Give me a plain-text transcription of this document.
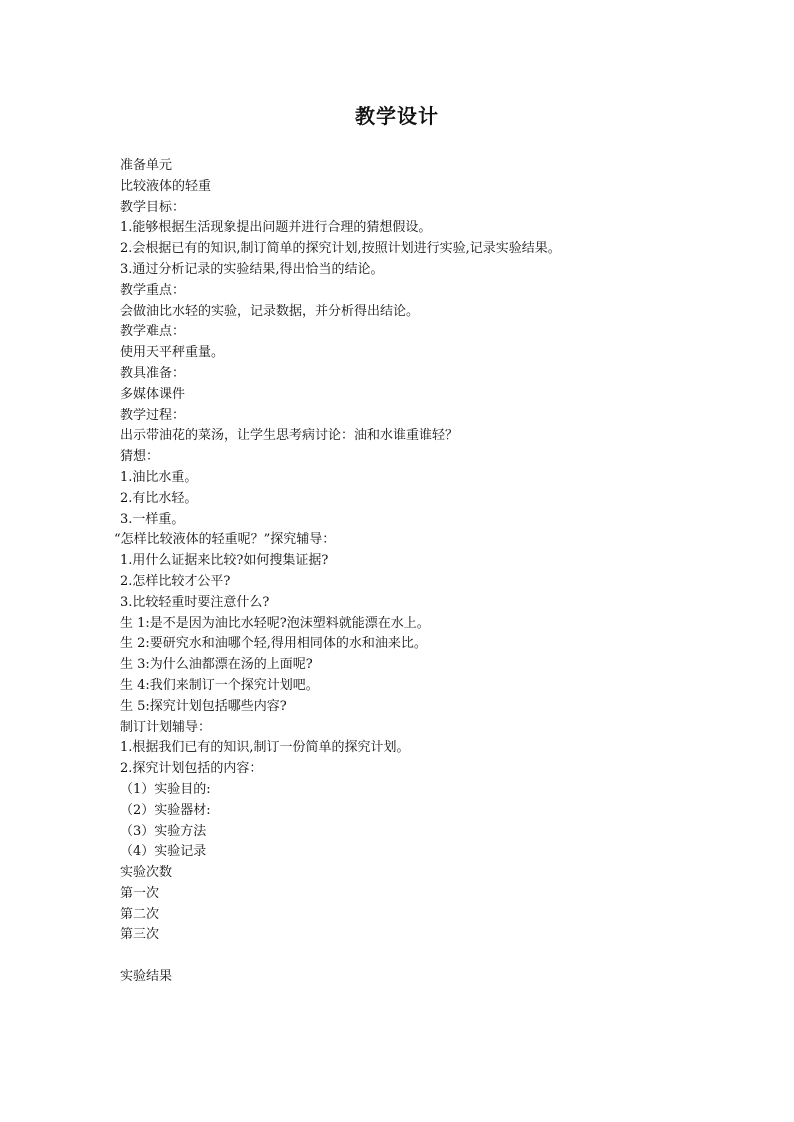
教学设计
准备单元
比较液体的轻重
教学目标：
1.能够根据生活现象提出问题并进行合理的猜想假设。
2.会根据已有的知识,制订简单的探究计划,按照计划进行实验,记录实验结果。
3.通过分析记录的实验结果,得出恰当的结论。
教学重点：
会做油比水轻的实验，记录数据，并分析得出结论。
教学难点：
使用天平秤重量。
教具准备：
多媒体课件
教学过程：
出示带油花的菜汤，让学生思考病讨论：油和水谁重谁轻？
猜想：
1.油比水重。
2.有比水轻。
3.一样重。
“怎样比较液体的轻重呢？”探究辅导：
1.用什么证据来比较?如何搜集证据?
2.怎样比较才公平?
3.比较轻重时要注意什么?
生 1:是不是因为油比水轻呢?泡沫塑料就能漂在水上。
生 2:要研究水和油哪个轻,得用相同体的水和油来比。
生 3:为什么油都漂在汤的上面呢?
生 4:我们来制订一个探究计划吧。
生 5:探究计划包括哪些内容?
制订计划辅导：
1.根据我们已有的知识,制订一份简单的探究计划。
2.探究计划包括的内容：
（1）实验目的:
（2）实验器材:
（3）实验方法
（4）实验记录
实验次数
第一次
第二次
第三次
实验结果
